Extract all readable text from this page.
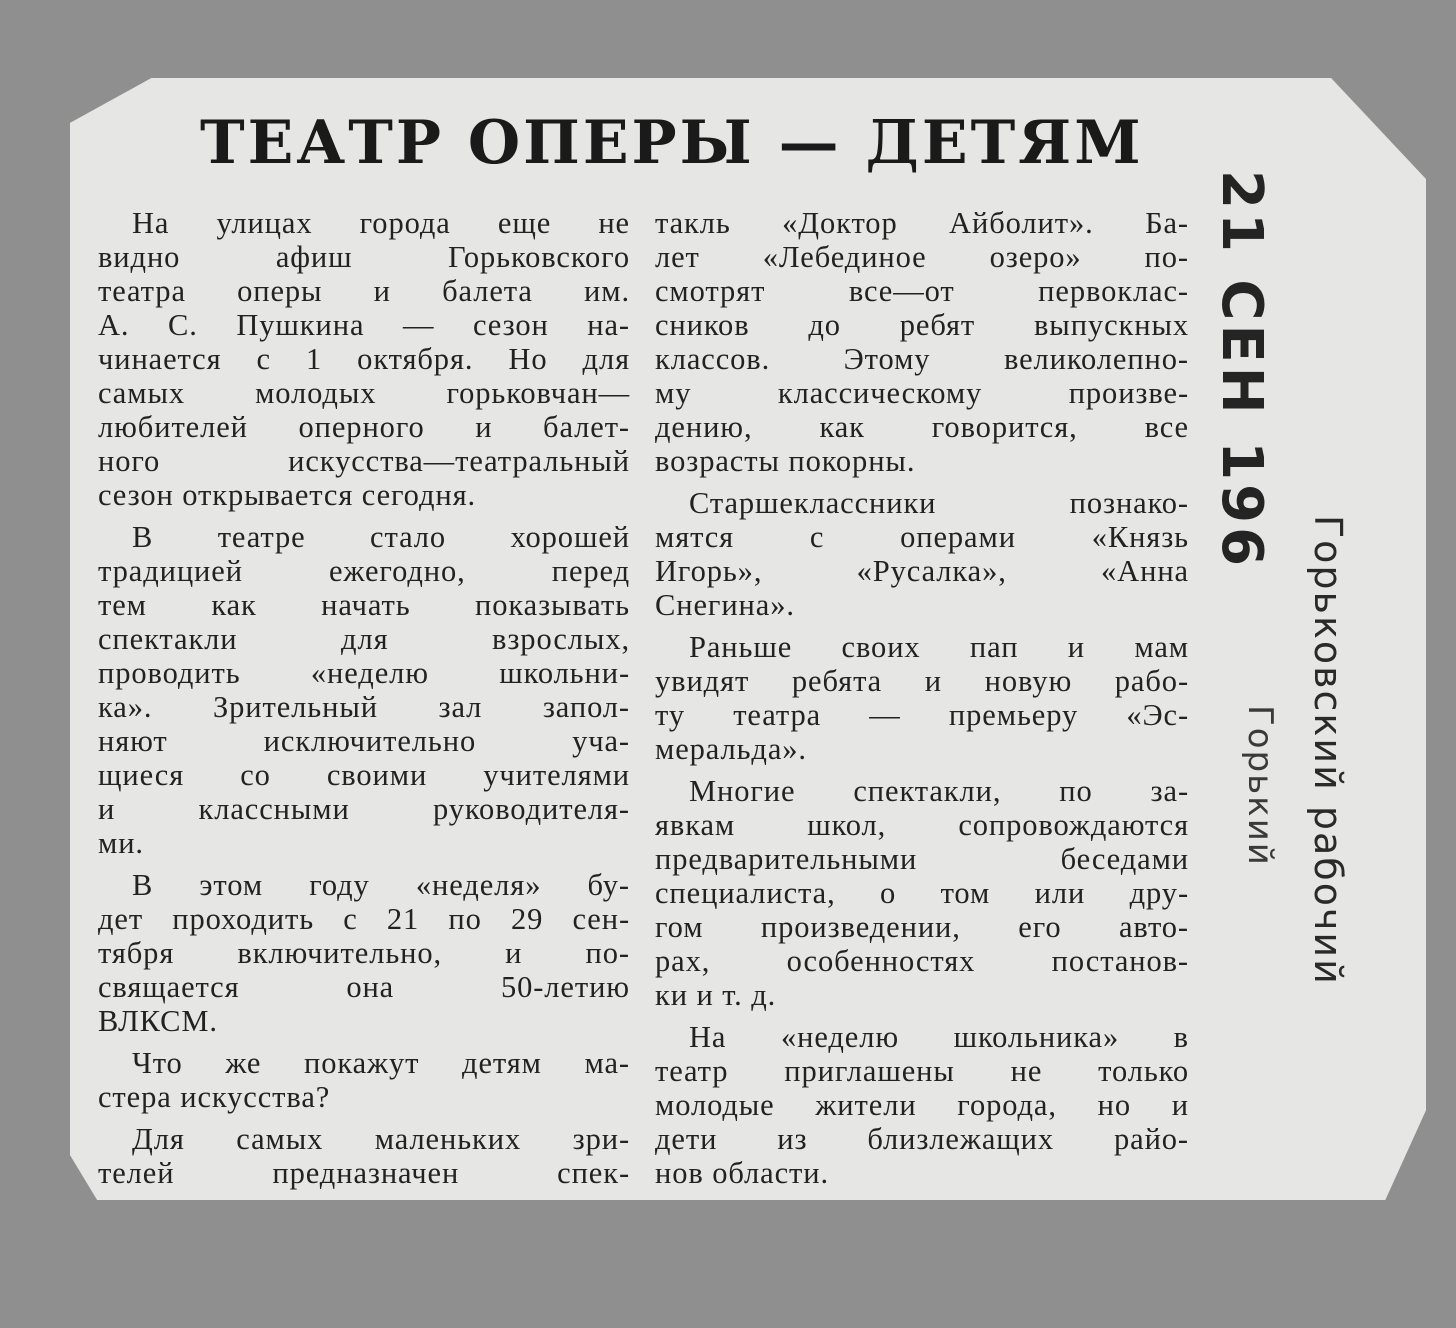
ТЕАТР ОПЕРЫ — ДЕТЯМ
На улицах города еще не
видно афиш Горьковского
театра оперы и балета им.
А. С. Пушкина — сезон на-
чинается с 1 октября. Но для
самых молодых горьковчан—
любителей оперного и балет-
ного искусства—театральный
сезон открывается сегодня.
В театре стало хорошей
традицией ежегодно, перед
тем как начать показывать
спектакли для взрослых,
проводить «неделю школьни-
ка». Зрительный зал запол-
няют исключительно уча-
щиеся со своими учителями
и классными руководителя-
ми.
В этом году «неделя» бу-
дет проходить с 21 по 29 сен-
тября включительно, и по-
свящается она 50-летию
ВЛКСМ.
Что же покажут детям ма-
стера искусства?
Для самых маленьких зри-
телей предназначен спек-
такль «Доктор Айболит». Ба-
лет «Лебединое озеро» по-
смотрят все—от первоклас-
сников до ребят выпускных
классов. Этому великолепно-
му классическому произве-
дению, как говорится, все
возрасты покорны.
Старшеклассники познако-
мятся с операми «Князь
Игорь», «Русалка», «Анна
Снегина».
Раньше своих пап и мам
увидят ребята и новую рабо-
ту театра — премьеру «Эс-
меральда».
Многие спектакли, по за-
явкам школ, сопровождаются
предварительными беседами
специалиста, о том или дру-
гом произведении, его авто-
рах, особенностях постанов-
ки и т. д.
На «неделю школьника» в
театр приглашены не только
молодые жители города, но и
дети из близлежащих райо-
нов области.
21 СЕН 196
Горьковский рабочий
Горький
